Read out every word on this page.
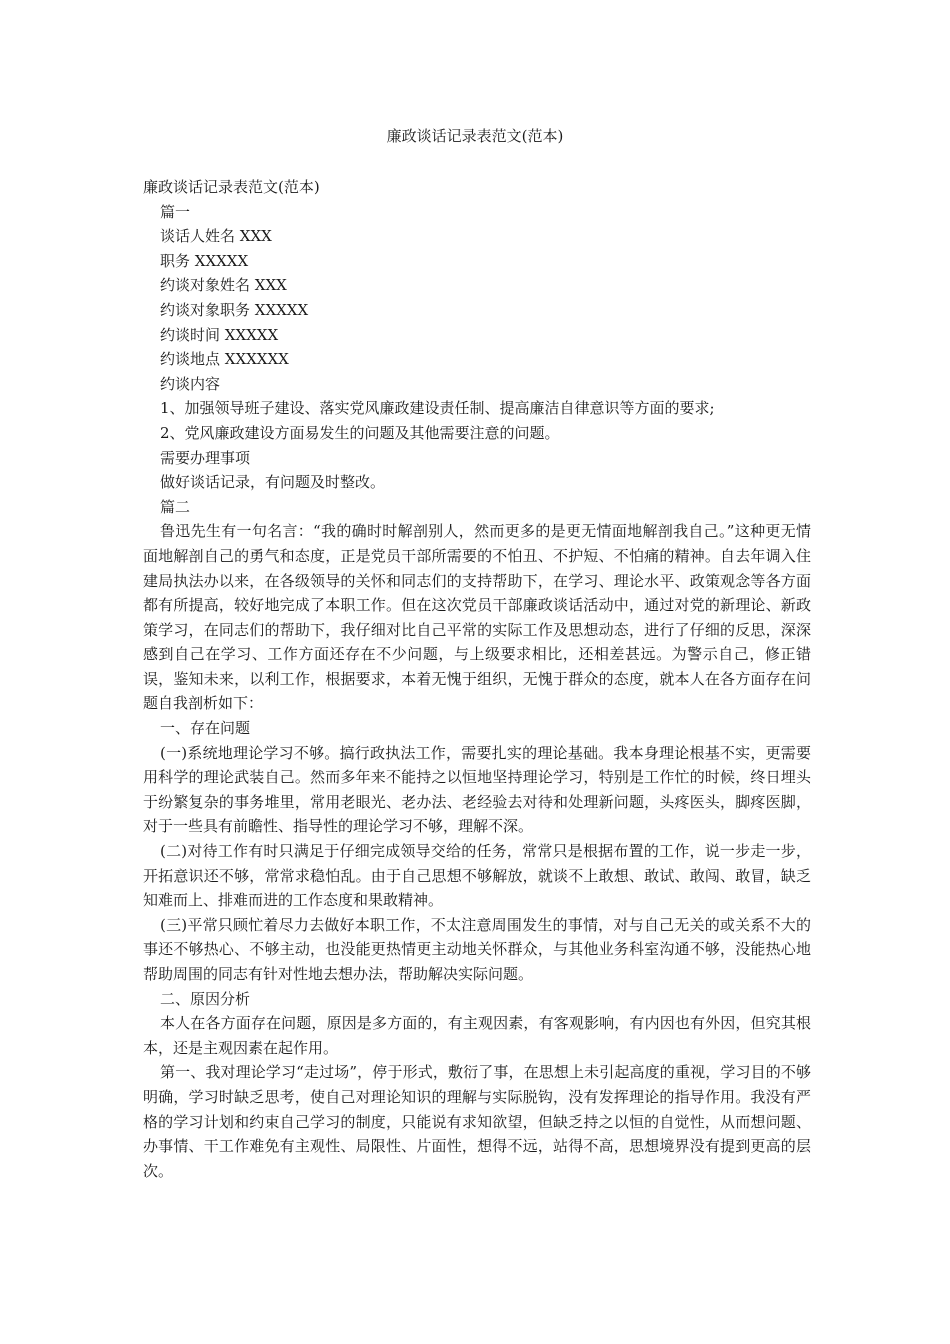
廉政谈话记录表范文(范本)

廉政谈话记录表范文(范本)

篇一

谈话人姓名 XXX

职务 XXXXX

约谈对象姓名 XXX

约谈对象职务 XXXXX

约谈时间 XXXXX

约谈地点 XXXXXX

约谈内容

1、加强领导班子建设、落实党风廉政建设责任制、提高廉洁自律意识等方面的要求;

2、党风廉政建设方面易发生的问题及其他需要注意的问题。

需要办理事项

做好谈话记录，有问题及时整改。

篇二

鲁迅先生有一句名言：“我的确时时解剖别人，然而更多的是更无情面地解剖我自己。”这种更无情面地解剖自己的勇气和态度，正是党员干部所需要的不怕丑、不护短、不怕痛的精神。自去年调入住建局执法办以来，在各级领导的关怀和同志们的支持帮助下，在学习、理论水平、政策观念等各方面都有所提高，较好地完成了本职工作。但在这次党员干部廉政谈话活动中，通过对党的新理论、新政策学习，在同志们的帮助下，我仔细对比自己平常的实际工作及思想动态，进行了仔细的反思，深深感到自己在学习、工作方面还存在不少问题，与上级要求相比，还相差甚远。为警示自己，修正错误，鉴知未来，以利工作，根据要求，本着无愧于组织，无愧于群众的态度，就本人在各方面存在问题自我剖析如下：

一、存在问题

(一)系统地理论学习不够。搞行政执法工作，需要扎实的理论基础。我本身理论根基不实，更需要用科学的理论武装自己。然而多年来不能持之以恒地坚持理论学习，特别是工作忙的时候，终日埋头于纷繁复杂的事务堆里，常用老眼光、老办法、老经验去对待和处理新问题，头疼医头，脚疼医脚，对于一些具有前瞻性、指导性的理论学习不够，理解不深。

(二)对待工作有时只满足于仔细完成领导交给的任务，常常只是根据布置的工作，说一步走一步，开拓意识还不够，常常求稳怕乱。由于自己思想不够解放，就谈不上敢想、敢试、敢闯、敢冒，缺乏知难而上、排难而进的工作态度和果敢精神。

(三)平常只顾忙着尽力去做好本职工作，不太注意周围发生的事情，对与自己无关的或关系不大的事还不够热心、不够主动，也没能更热情更主动地关怀群众，与其他业务科室沟通不够，没能热心地帮助周围的同志有针对性地去想办法，帮助解决实际问题。

二、原因分析

本人在各方面存在问题，原因是多方面的，有主观因素，有客观影响，有内因也有外因，但究其根本，还是主观因素在起作用。

第一、我对理论学习“走过场”，停于形式，敷衍了事，在思想上未引起高度的重视，学习目的不够明确，学习时缺乏思考，使自己对理论知识的理解与实际脱钩，没有发挥理论的指导作用。我没有严格的学习计划和约束自己学习的制度，只能说有求知欲望，但缺乏持之以恒的自觉性，从而想问题、办事情、干工作难免有主观性、局限性、片面性，想得不远，站得不高，思想境界没有提到更高的层次。
